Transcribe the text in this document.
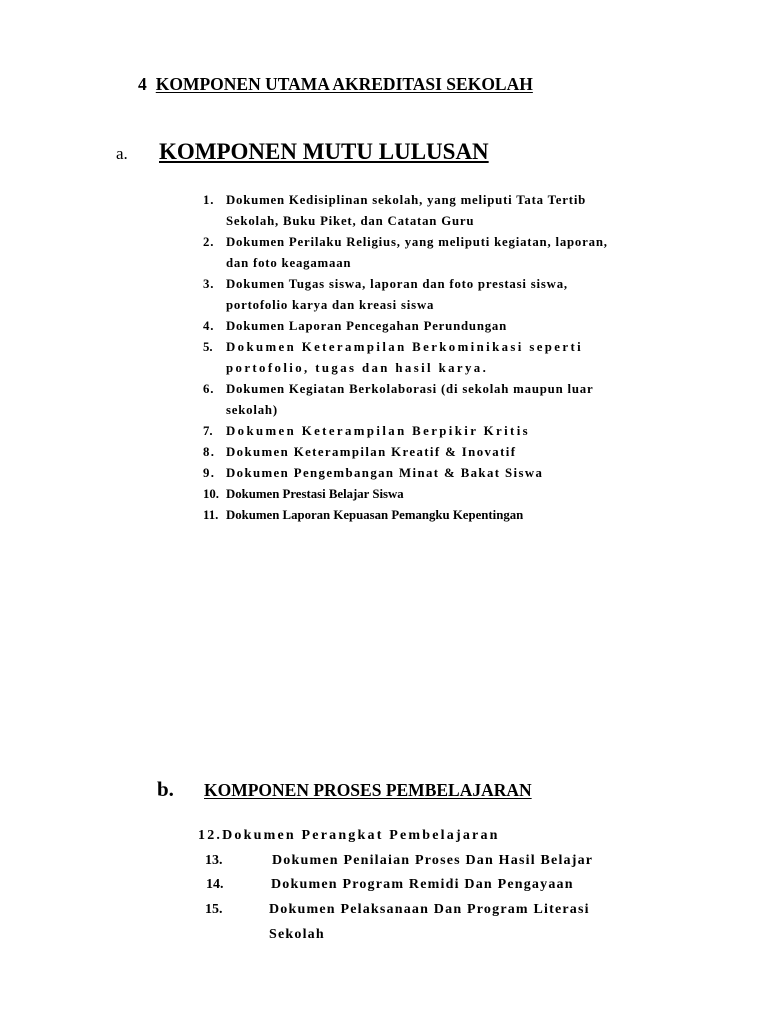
4 KOMPONEN UTAMA AKREDITASI SEKOLAH
a. KOMPONEN MUTU LULUSAN
1. Dokumen Kedisiplinan sekolah, yang meliputi Tata Tertib
Sekolah, Buku Piket, dan Catatan Guru
2. Dokumen Perilaku Religius, yang meliputi kegiatan, laporan,
dan foto keagamaan
3. Dokumen Tugas siswa, laporan dan foto prestasi siswa,
portofolio karya dan kreasi siswa
4. Dokumen Laporan Pencegahan Perundungan
5.	Dokumen Keterampilan Berkominikasi seperti
portofolio, tugas dan hasil karya.
6. Dokumen Kegiatan Berkolaborasi (di sekolah maupun luar
sekolah)
7.	Dokumen Keterampilan Berpikir Kritis
8. Dokumen Keterampilan Kreatif & Inovatif
9. Dokumen Pengembangan Minat & Bakat Siswa
10. Dokumen Prestasi Belajar Siswa
11. Dokumen Laporan Kepuasan Pemangku Kepentingan
b. KOMPONEN PROSES PEMBELAJARAN
12.Dokumen Perangkat Pembelajaran
13.	Dokumen Penilaian Proses Dan Hasil Belajar
14.	Dokumen Program Remidi Dan Pengayaan
15.	Dokumen Pelaksanaan Dan Program Literasi
Sekolah
